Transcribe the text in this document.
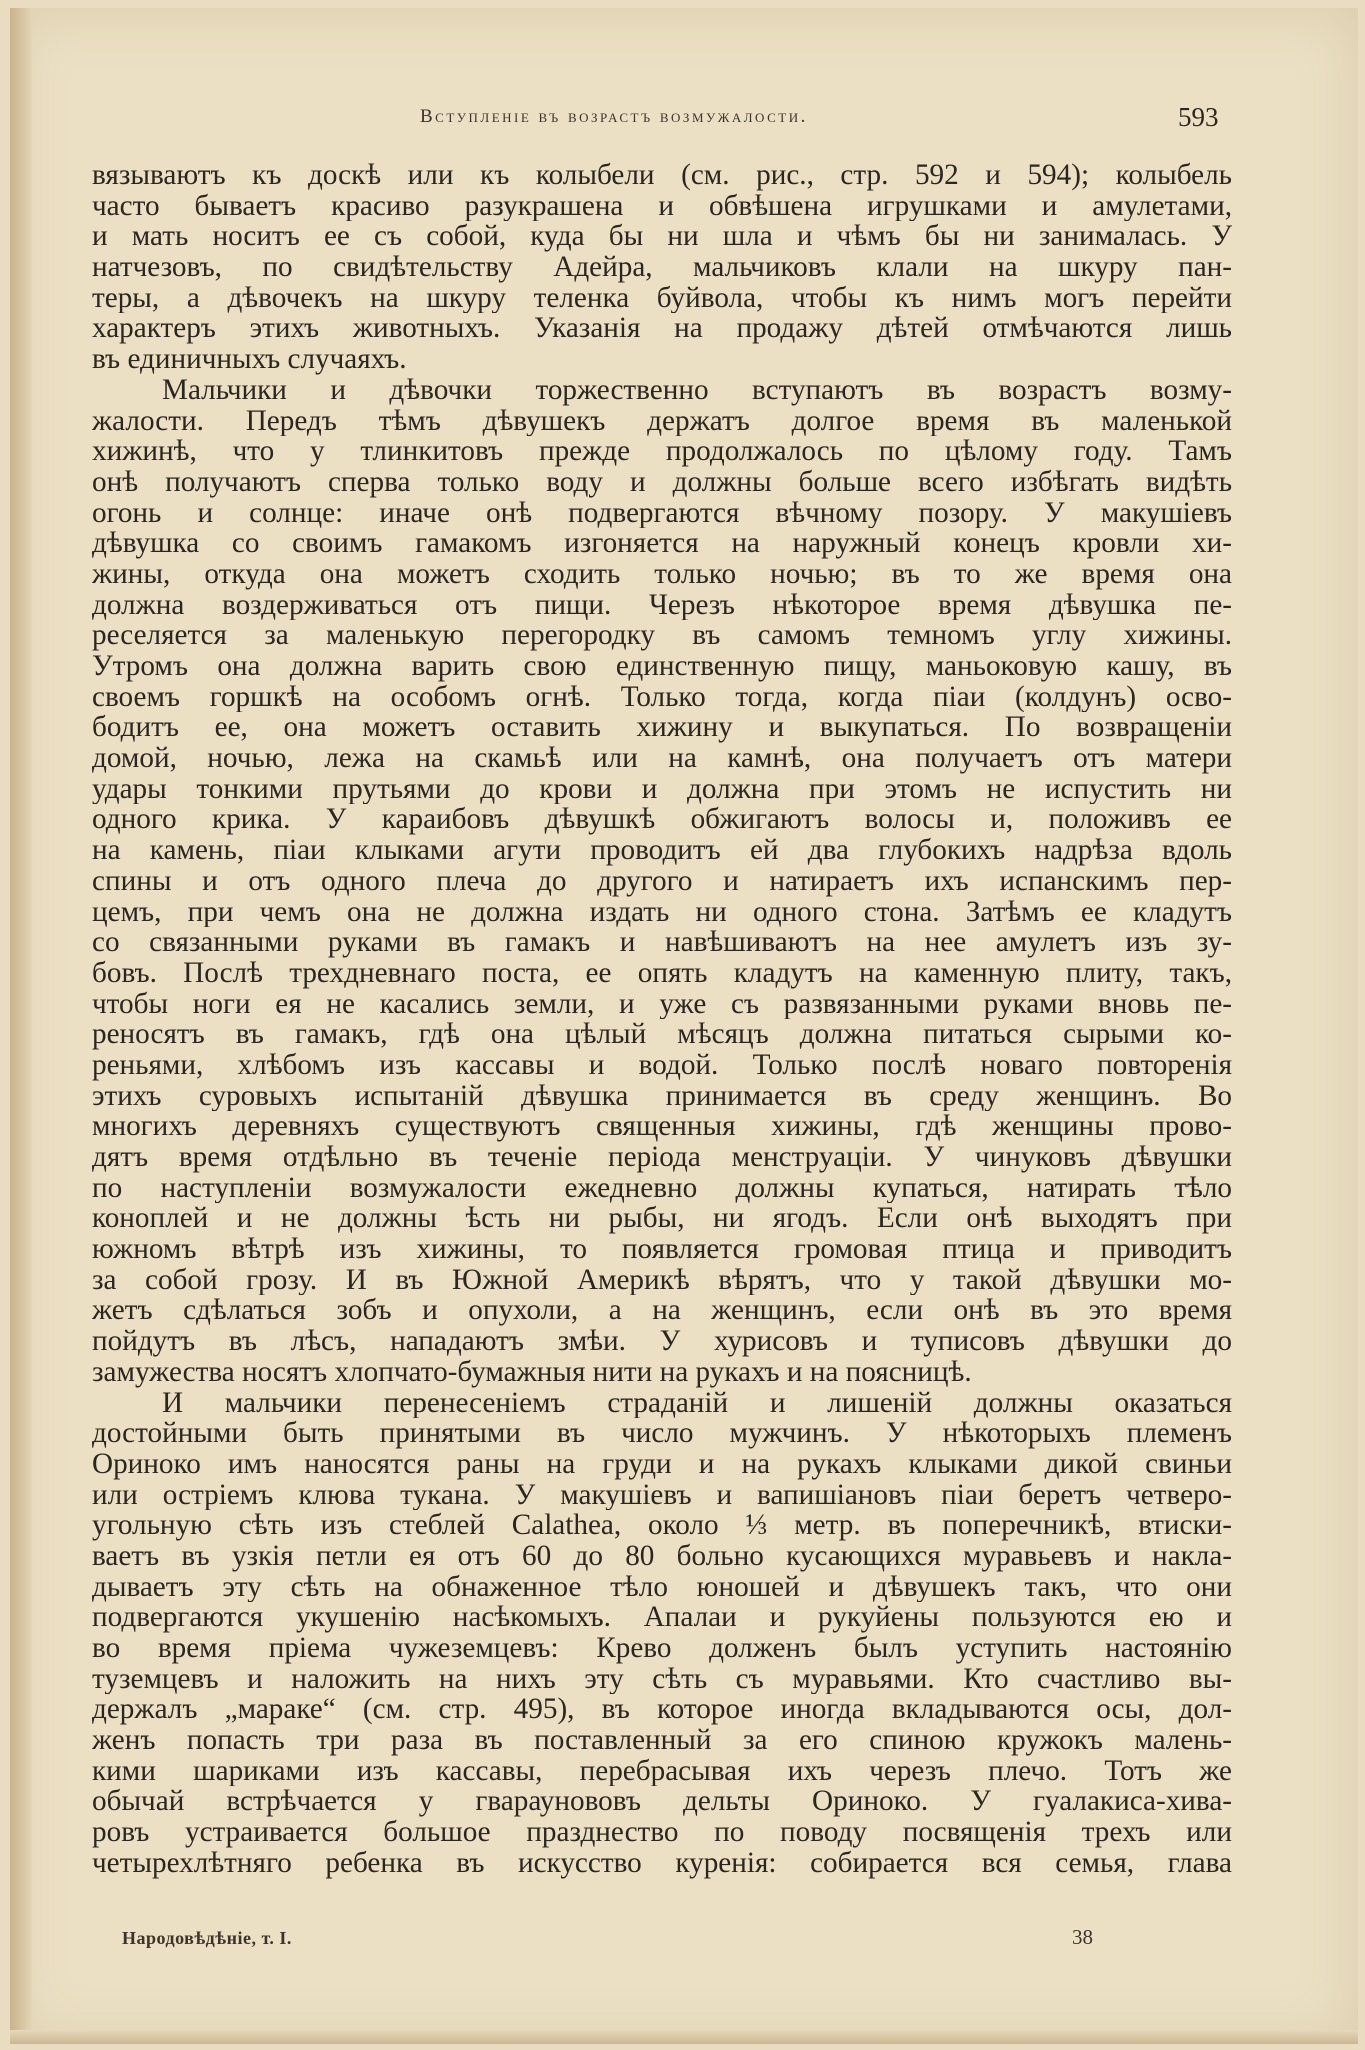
Вступленіе въ возрастъ возмужалости.	593
вязываютъ къ доскѣ или къ колыбели (см. рис., стр. 592 и 594); колыбель
часто бываетъ красиво разукрашена и обвѣшена игрушками и амулетами,
и мать носитъ ее съ собой, куда бы ни шла и чѣмъ бы ни занималась. У
натчезовъ, по свидѣтельству Адейра, мальчиковъ клали на шкуру пан-
теры, а дѣвочекъ на шкуру теленка буйвола, чтобы къ нимъ могъ перейти
характеръ этихъ животныхъ. Указанія на продажу дѣтей отмѣчаются лишь
въ единичныхъ случаяхъ.
Мальчики и дѣвочки торжественно вступаютъ въ возрастъ возму-
жалости. Передъ тѣмъ дѣвушекъ держатъ долгое время въ маленькой
хижинѣ, что у тлинкитовъ прежде продолжалось по цѣлому году. Тамъ
онѣ получаютъ сперва только воду и должны больше всего избѣгать видѣть
огонь и солнце: иначе онѣ подвергаются вѣчному позору. У макушіевъ
дѣвушка со своимъ гамакомъ изгоняется на наружный конецъ кровли хи-
жины, откуда она можетъ сходить только ночью; въ то же время она
должна воздерживаться отъ пищи. Черезъ нѣкоторое время дѣвушка пе-
реселяется за маленькую перегородку въ самомъ темномъ углу хижины.
Утромъ она должна варить свою единственную пищу, маньоковую кашу, въ
своемъ горшкѣ на особомъ огнѣ. Только тогда, когда піаи (колдунъ) осво-
бодитъ ее, она можетъ оставить хижину и выкупаться. По возвращеніи
домой, ночью, лежа на скамьѣ или на камнѣ, она получаетъ отъ матери
удары тонкими прутьями до крови и должна при этомъ не испустить ни
одного крика. У караибовъ дѣвушкѣ обжигаютъ волосы и, положивъ ее
на камень, піаи клыками агути проводитъ ей два глубокихъ надрѣза вдоль
спины и отъ одного плеча до другого и натираетъ ихъ испанскимъ пер-
цемъ, при чемъ она не должна издать ни одного стона. Затѣмъ ее кладутъ
со связанными руками въ гамакъ и навѣшиваютъ на нее амулетъ изъ зу-
бовъ. Послѣ трехдневнаго поста, ее опять кладутъ на каменную плиту, такъ,
чтобы ноги ея не касались земли, и уже съ развязанными руками вновь пе-
реносятъ въ гамакъ, гдѣ она цѣлый мѣсяцъ должна питаться сырыми ко-
реньями, хлѣбомъ изъ кассавы и водой. Только послѣ новаго повторенія
этихъ суровыхъ испытаній дѣвушка принимается въ среду женщинъ. Во
многихъ деревняхъ существуютъ священныя хижины, гдѣ женщины прово-
дятъ время отдѣльно въ теченіе періода менструаціи. У чинуковъ дѣвушки
по наступленіи возмужалости ежедневно должны купаться, натирать тѣло
коноплей и не должны ѣсть ни рыбы, ни ягодъ. Если онѣ выходятъ при
южномъ вѣтрѣ изъ хижины, то появляется громовая птица и приводитъ
за собой грозу. И въ Южной Америкѣ вѣрятъ, что у такой дѣвушки мо-
жетъ сдѣлаться зобъ и опухоли, а на женщинъ, если онѣ въ это время
пойдутъ въ лѣсъ, нападаютъ змѣи. У хурисовъ и туписовъ дѣвушки до
замужества носятъ хлопчато-бумажныя нити на рукахъ и на поясницѣ.
И мальчики перенесеніемъ страданій и лишеній должны оказаться
достойными быть принятыми въ число мужчинъ. У нѣкоторыхъ племенъ
Ориноко имъ наносятся раны на груди и на рукахъ клыками дикой свиньи
или остріемъ клюва тукана. У макушіевъ и вапишіановъ піаи беретъ четверо-
угольную сѣть изъ стеблей Calathea, около ⅓ метр. въ поперечникѣ, втиски-
ваетъ въ узкія петли ея отъ 60 до 80 больно кусающихся муравьевъ и накла-
дываетъ эту сѣть на обнаженное тѣло юношей и дѣвушекъ такъ, что они
подвергаются укушенію насѣкомыхъ. Апалаи и рукуйены пользуются ею и
во время пріема чужеземцевъ: Крево долженъ былъ уступить настоянію
туземцевъ и наложить на нихъ эту сѣть съ муравьями. Кто счастливо вы-
держалъ „мараке“ (см. стр. 495), въ которое иногда вкладываются осы, дол-
женъ попасть три раза въ поставленный за его спиною кружокъ малень-
кими шариками изъ кассавы, перебрасывая ихъ черезъ плечо. Тотъ же
обычай встрѣчается у гвараунововъ дельты Ориноко. У гуалакиса-хива-
ровъ устраивается большое празднество по поводу посвященія трехъ или
четырехлѣтняго ребенка въ искусство куренія: собирается вся семья, глава
Народовѣдѣніе, т. I.	38
